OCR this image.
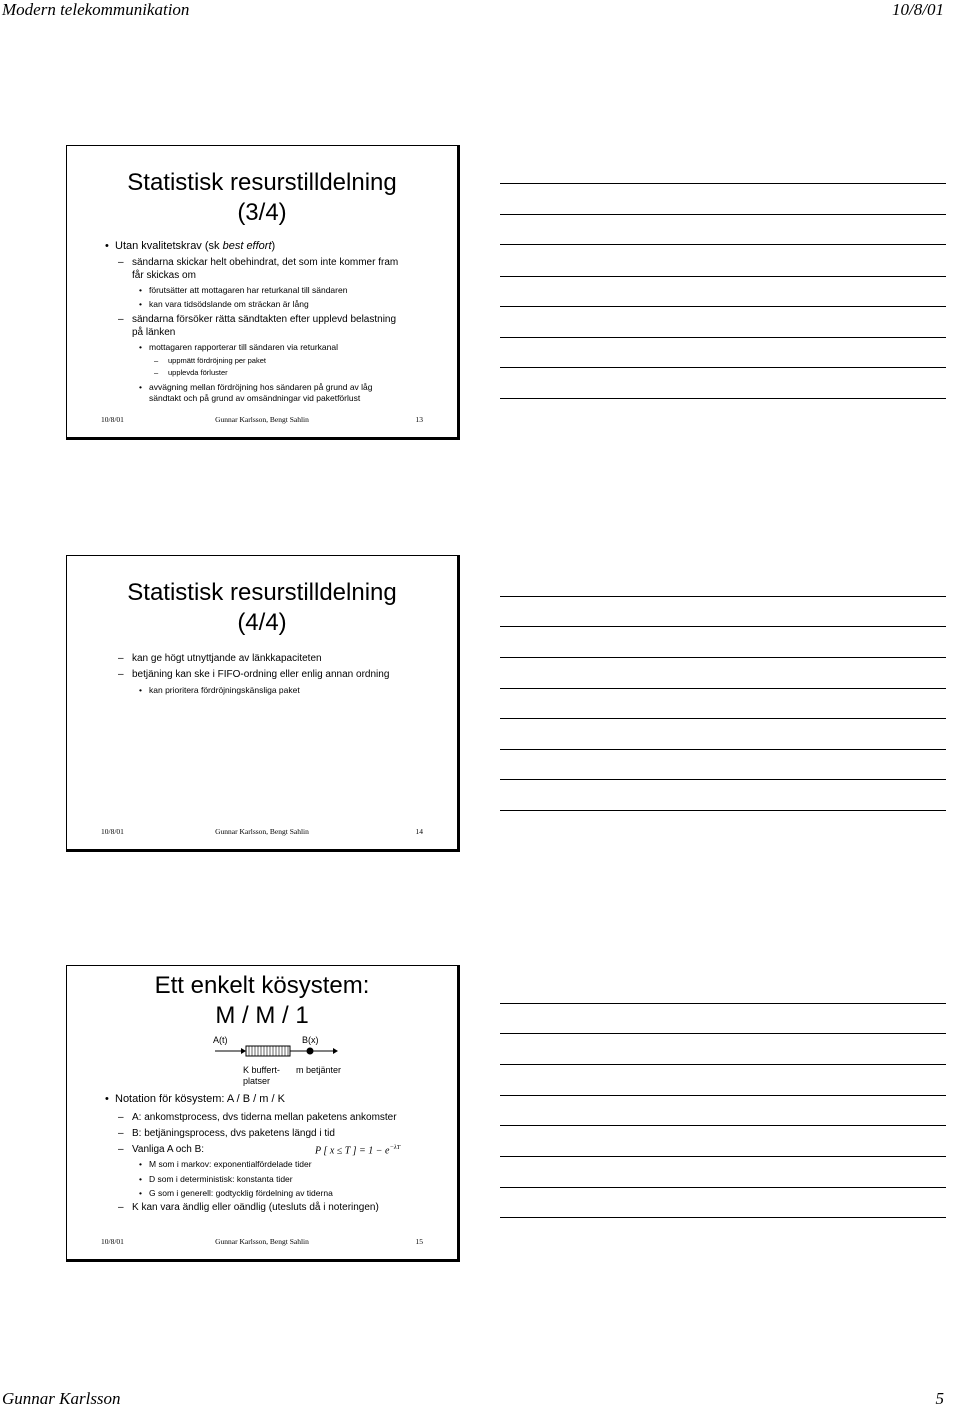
Modern telekommunikation	10/8/01
Statistisk resurstilldelning
(3/4)
• Utan kvalitetskrav (sk best effort)
– sändarna skickar helt obehindrat, det som inte kommer fram
får skickas om
• förutsätter att mottagaren har returkanal till sändaren
• kan vara tidsödslande om sträckan är lång
– sändarna försöker rätta sändtakten efter upplevd belastning
på länken
• mottagaren rapporterar till sändaren via returkanal
– uppmätt fördröjning per paket
– upplevda förluster
• avvägning mellan fördröjning hos sändaren på grund av låg
sändtakt och på grund av omsändningar vid paketförlust
10/8/01	Gunnar Karlsson, Bengt Sahlin	13
Statistisk resurstilldelning
(4/4)
– kan ge högt utnyttjande av länkkapaciteten
– betjäning kan ske i FIFO-ordning eller enlig annan ordning
• kan prioritera fördröjningskänsliga paket
10/8/01	Gunnar Karlsson, Bengt Sahlin	14
Ett enkelt kösystem:
M / M / 1
A(t)	B(x)
K buffert-
platser
m betjänter
• Notation för kösystem: A / B / m / K
– A: ankomstprocess, dvs tiderna mellan paketens ankomster
– B: betjäningsprocess, dvs paketens längd i tid
– Vanliga A och B:
• M som i markov: exponentialfördelade tider
• D som i deterministisk: konstanta tider
• G som i generell: godtycklig fördelning av tiderna
– K kan vara ändlig eller oändlig (utesluts då i noteringen)
P [ x ≤ T ] = $1 - e^{-\lambda T}$
10/8/01	Gunnar Karlsson, Bengt Sahlin	15
Gunnar Karlsson	5
